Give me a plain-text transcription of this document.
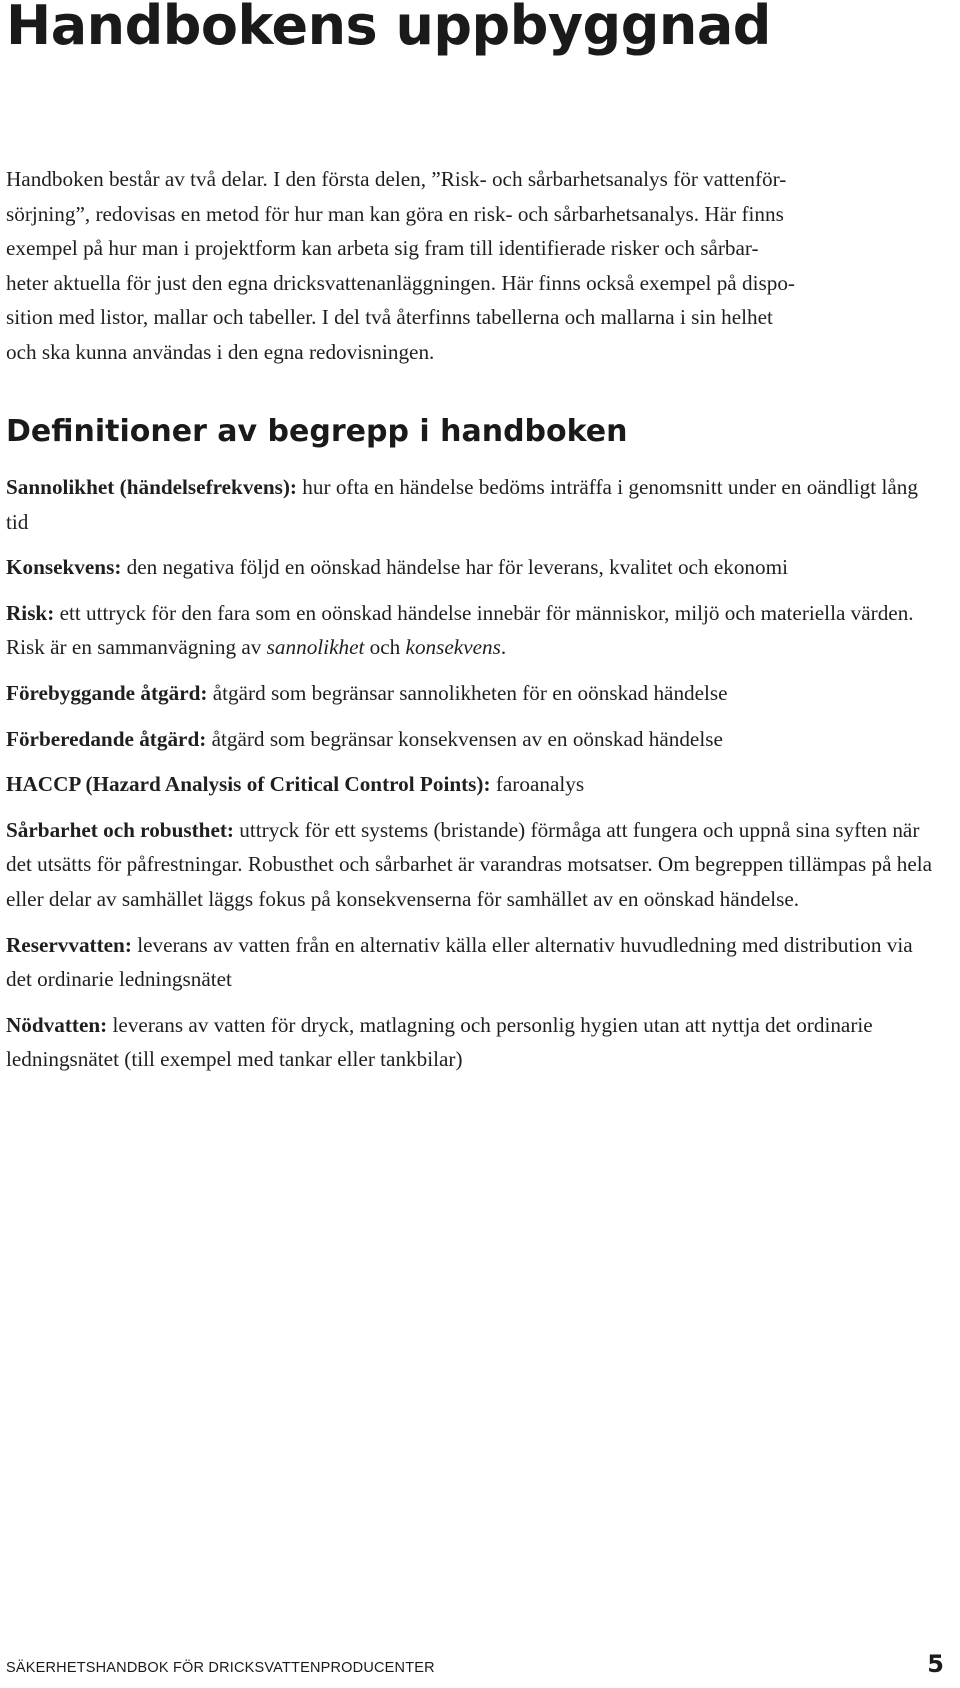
Handbokens uppbyggnad

Handboken består av två delar. I den första delen, ”Risk- och sårbarhetsanalys för vattenför-
sörjning”, redovisas en metod för hur man kan göra en risk- och sårbarhetsanalys. Här finns
exempel på hur man i projektform kan arbeta sig fram till identifierade risker och sårbar-
heter aktuella för just den egna dricksvattenanläggningen. Här finns också exempel på dispo-
sition med listor, mallar och tabeller. I del två återfinns tabellerna och mallarna i sin helhet
och ska kunna användas i den egna redovisningen.

Definitioner av begrepp i handboken

Sannolikhet (händelsefrekvens): hur ofta en händelse bedöms inträffa i genomsnitt under en oändligt lång tid

Konsekvens: den negativa följd en oönskad händelse har för leverans, kvalitet och ekonomi

Risk: ett uttryck för den fara som en oönskad händelse innebär för människor, miljö och materiella värden. Risk är en sammanvägning av sannolikhet och konsekvens.

Förebyggande åtgärd: åtgärd som begränsar sannolikheten för en oönskad händelse

Förberedande åtgärd: åtgärd som begränsar konsekvensen av en oönskad händelse

HACCP (Hazard Analysis of Critical Control Points): faroanalys

Sårbarhet och robusthet: uttryck för ett systems (bristande) förmåga att fungera och uppnå sina syften när det utsätts för påfrestningar. Robusthet och sårbarhet är varandras motsatser. Om begreppen tillämpas på hela eller delar av samhället läggs fokus på konsekvenserna för samhället av en oönskad händelse.

Reservvatten: leverans av vatten från en alternativ källa eller alternativ huvudledning med distribution via det ordinarie ledningsnätet

Nödvatten: leverans av vatten för dryck, matlagning och personlig hygien utan att nyttja det ordinarie ledningsnätet (till exempel med tankar eller tankbilar)

SÄKERHETSHANDBOK FÖR DRICKSVATTENPRODUCENTER	5
